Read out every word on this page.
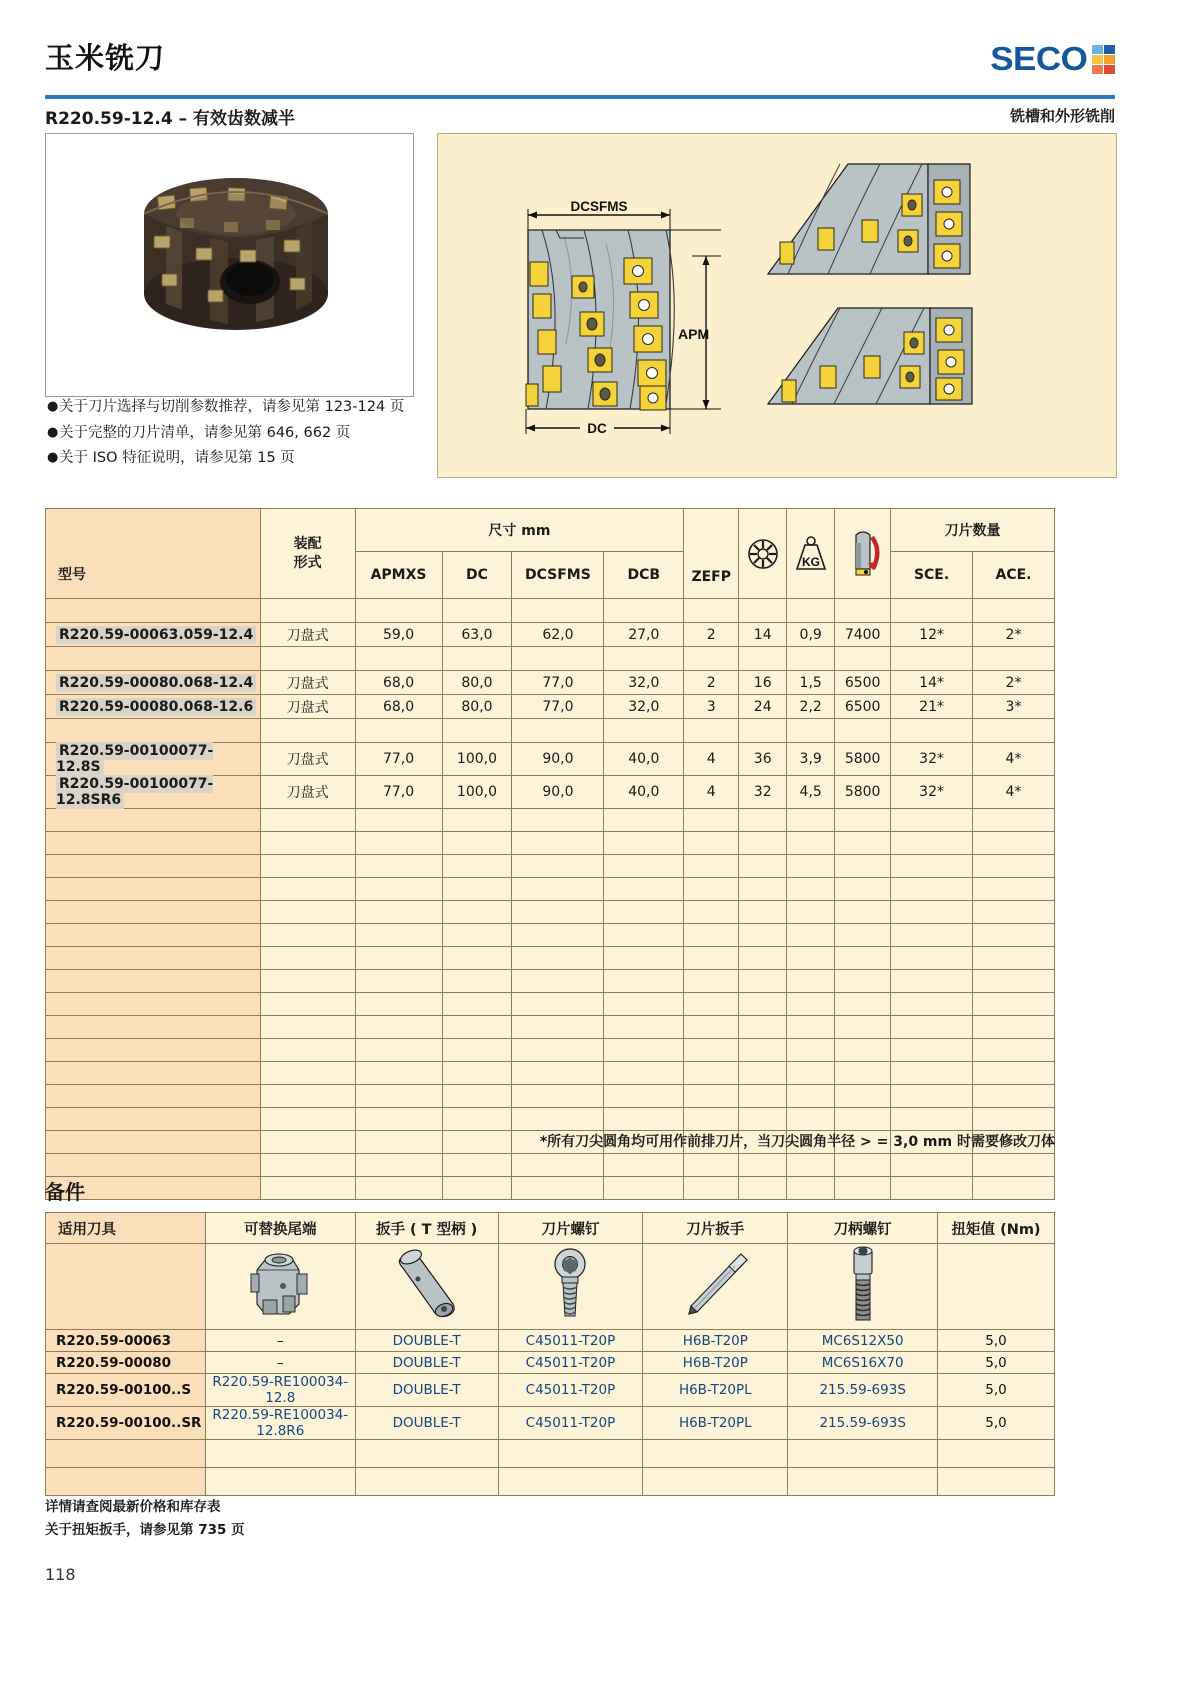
玉米铣刀	SECO
R220.59-12.4 – 有效齿数减半	铣槽和外形铣削
● 关于刀片选择与切削参数推荐，请参见第 123-124 页
● 关于完整的刀片清单，请参见第 646, 662 页
● 关于 ISO 特征说明，请参见第 15 页
DCSFMS
APM
DC
型号	装配
形式	尺寸 mm				ZEFP		KG		刀片数量	
		APMXS	DC	DCSFMS	DCB					SCE.	ACE.

R220.59-00063.059-12.4	刀盘式	59,0	63,0	62,0	27,0	2	14	0,9	7400	12*	2*

R220.59-00080.068-12.4	刀盘式	68,0	80,0	77,0	32,0	2	16	1,5	6500	14*	2*
R220.59-00080.068-12.6	刀盘式	68,0	80,0	77,0	32,0	3	24	2,2	6500	21*	3*

R220.59-00100077-12.8S	刀盘式	77,0	100,0	90,0	40,0	4	36	3,9	5800	32*	4*
R220.59-00100077-12.8SR6	刀盘式	77,0	100,0	90,0	40,0	4	32	4,5	5800	32*	4*

*所有刀尖圆角均可用作前排刀片，当刀尖圆角半径 > = 3,0 mm 时需要修改刀体
备件
适用刀具	可替换尾端	扳手 ( T 型柄 )	刀片螺钉	刀片扳手	刀柄螺钉	扭矩值 (Nm)

R220.59-00063	–	DOUBLE-T	C45011-T20P	H6B-T20P	MC6S12X50	5,0
R220.59-00080	–	DOUBLE-T	C45011-T20P	H6B-T20P	MC6S16X70	5,0
R220.59-00100..S	R220.59-RE100034-12.8	DOUBLE-T	C45011-T20P	H6B-T20PL	215.59-693S	5,0
R220.59-00100..SR	R220.59-RE100034-12.8R6	DOUBLE-T	C45011-T20P	H6B-T20PL	215.59-693S	5,0

详情请查阅最新价格和库存表
关于扭矩扳手，请参见第 735 页
118
